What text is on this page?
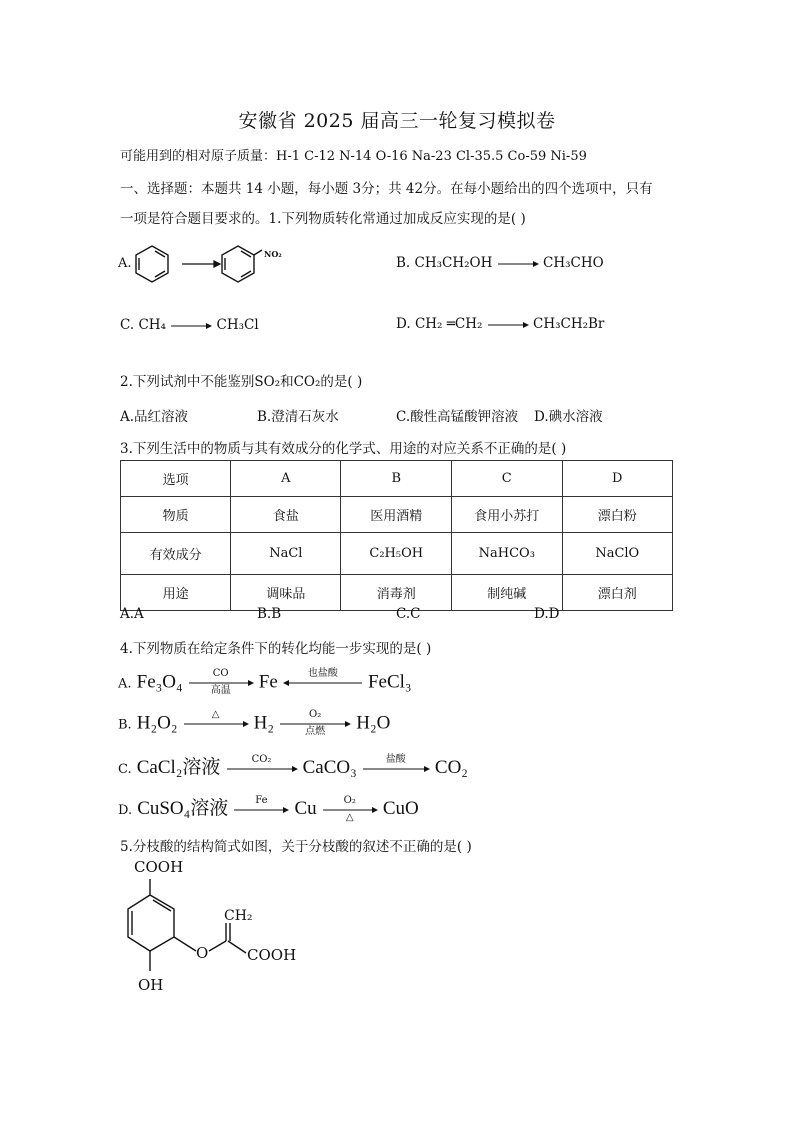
安徽省 2025 届高三一轮复习模拟卷
可能用到的相对原子质量：H-1 C-12 N-14 O-16 Na-23 Cl-35.5 Co-59 Ni-59
一、选择题：本题共 14 小题，每小题 3分；共 42分。在每小题给出的四个选项中，只有
一项是符合题目要求的。1.下列物质转化常通过加成反应实现的是( )
A.
NO₂
B. CH₃CH₂OH → CH₃CHO
C. CH₄ → CH₃Cl	D. CH₂ ═CH₂ → CH₃CH₂Br
2.下列试剂中不能鉴别SO₂和CO₂的是( )
A.品红溶液	B.澄清石灰水	C.酸性高锰酸钾溶液 D.碘水溶液
3.下列生活中的物质与其有效成分的化学式、用途的对应关系不正确的是( )
选项	A	B	C	D
物质	食盐	医用酒精	食用小苏打	漂白粉
有效成分	NaCl	C₂H₅OH	NaHCO₃	NaClO
用途	调味品	消毒剂	制纯碱	漂白剂
A.A	B.B	C.C	D.D
4.下列物质在给定条件下的转化均能一步实现的是( )
A. Fe₃O₄	CO
高温	Fe	也盐酸	FeCl₃
B. H₂O₂	△	H₂	O₂
点燃	H₂O
C. CaCl₂溶液	CO₂	CaCO₃	盐酸	CO₂
D. CuSO₄溶液	Fe	Cu	O₂
△	CuO
5.分枝酸的结构简式如图，关于分枝酸的叙述不正确的是( )
COOH
CH₂
O	COOH
OH
